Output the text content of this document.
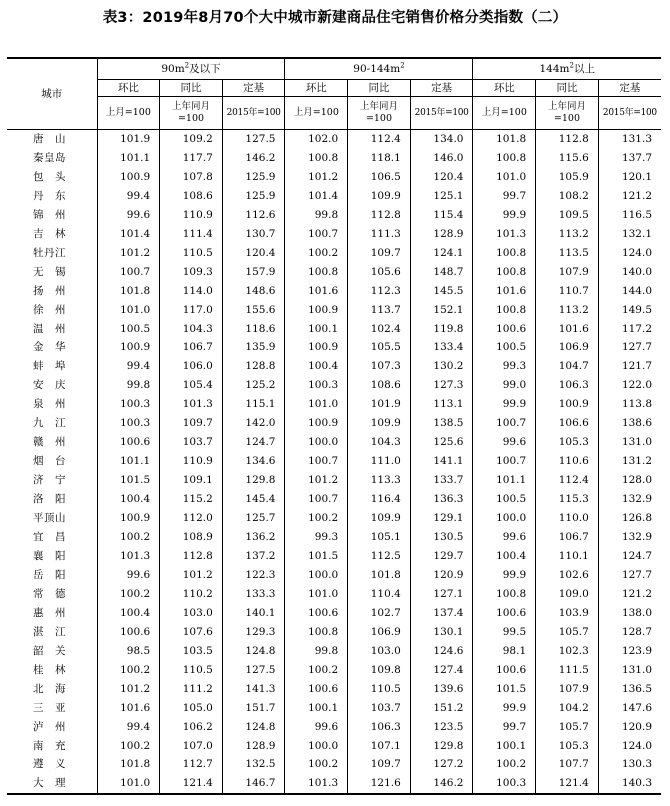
表3：2019年8月70个大中城市新建商品住宅销售价格分类指数（二）
城市	$90m^2$及以下			$90-144m^2$			$144m^2$以上		
	环比	同比	定基	环比	同比	定基	环比	同比	定基
	上月=100	上年同月=100	2015年=100	上月=100	上年同月=100	2015年=100	上月=100	上年同月=100	2015年=100
唐　山	101.9	109.2	127.5	102.0	112.4	134.0	101.8	112.8	131.3
秦皇岛	101.1	117.7	146.2	100.8	118.1	146.0	100.8	115.6	137.7
包　头	100.9	107.8	125.9	101.2	106.5	120.4	101.0	105.9	120.1
丹　东	99.4	108.6	125.9	101.4	109.9	125.1	99.7	108.2	121.2
锦　州	99.6	110.9	112.6	99.8	112.8	115.4	99.9	109.5	116.5
吉　林	101.4	111.4	130.7	100.7	111.3	128.9	101.3	113.2	132.1
牡丹江	101.2	110.5	120.4	100.2	109.7	124.1	100.8	113.5	124.0
无　锡	100.7	109.3	157.9	100.8	105.6	148.7	100.8	107.9	140.0
扬　州	101.8	114.0	148.6	101.6	112.3	145.5	101.6	110.7	144.0
徐　州	101.0	117.0	155.6	100.9	113.7	152.1	100.8	113.2	149.5
温　州	100.5	104.3	118.6	100.1	102.4	119.8	100.6	101.6	117.2
金　华	100.9	106.7	135.9	100.9	105.5	133.4	100.5	106.9	127.7
蚌　埠	99.4	106.0	128.8	100.4	107.3	130.2	99.3	104.7	121.7
安　庆	99.8	105.4	125.2	100.3	108.6	127.3	99.0	106.3	122.0
泉　州	100.3	101.3	115.1	101.0	101.9	113.1	99.9	100.9	113.8
九　江	100.3	109.7	142.0	100.9	109.9	138.5	100.7	106.6	138.6
赣　州	100.6	103.7	124.7	100.0	104.3	125.6	99.6	105.3	131.0
烟　台	101.1	110.9	134.6	100.7	111.0	141.1	100.7	110.6	131.2
济　宁	101.5	109.1	129.8	101.2	113.3	133.7	101.1	112.4	128.0
洛　阳	100.4	115.2	145.4	100.7	116.4	136.3	100.5	115.3	132.9
平顶山	100.9	112.0	125.7	100.2	109.9	129.1	100.0	110.0	126.8
宜　昌	100.2	108.9	136.2	99.3	105.1	130.5	99.6	106.7	132.9
襄　阳	101.3	112.8	137.2	101.5	112.5	129.7	100.4	110.1	124.7
岳　阳	99.6	101.2	122.3	100.0	101.8	120.9	99.9	102.6	127.7
常　德	100.2	110.2	133.3	101.0	110.4	127.1	100.8	109.0	121.2
惠　州	100.4	103.0	140.1	100.6	102.7	137.4	100.6	103.9	138.0
湛　江	100.6	107.6	129.3	100.8	106.9	130.1	99.5	105.7	128.7
韶　关	98.5	103.5	124.8	99.8	103.0	124.6	98.1	102.3	123.9
桂　林	100.2	110.5	127.5	100.2	109.8	127.4	100.6	111.5	131.0
北　海	101.2	111.2	141.3	100.6	110.5	139.6	101.5	107.9	136.5
三　亚	101.6	105.0	151.7	100.1	103.7	151.2	99.9	104.2	147.6
泸　州	99.4	106.2	124.8	99.6	106.3	123.5	99.7	105.7	120.9
南　充	100.2	107.0	128.9	100.0	107.1	129.8	100.1	105.3	124.0
遵　义	101.8	112.7	132.5	100.2	109.7	127.2	100.2	107.7	130.3
大　理	101.0	121.4	146.7	101.3	121.6	146.2	100.3	121.4	140.3
